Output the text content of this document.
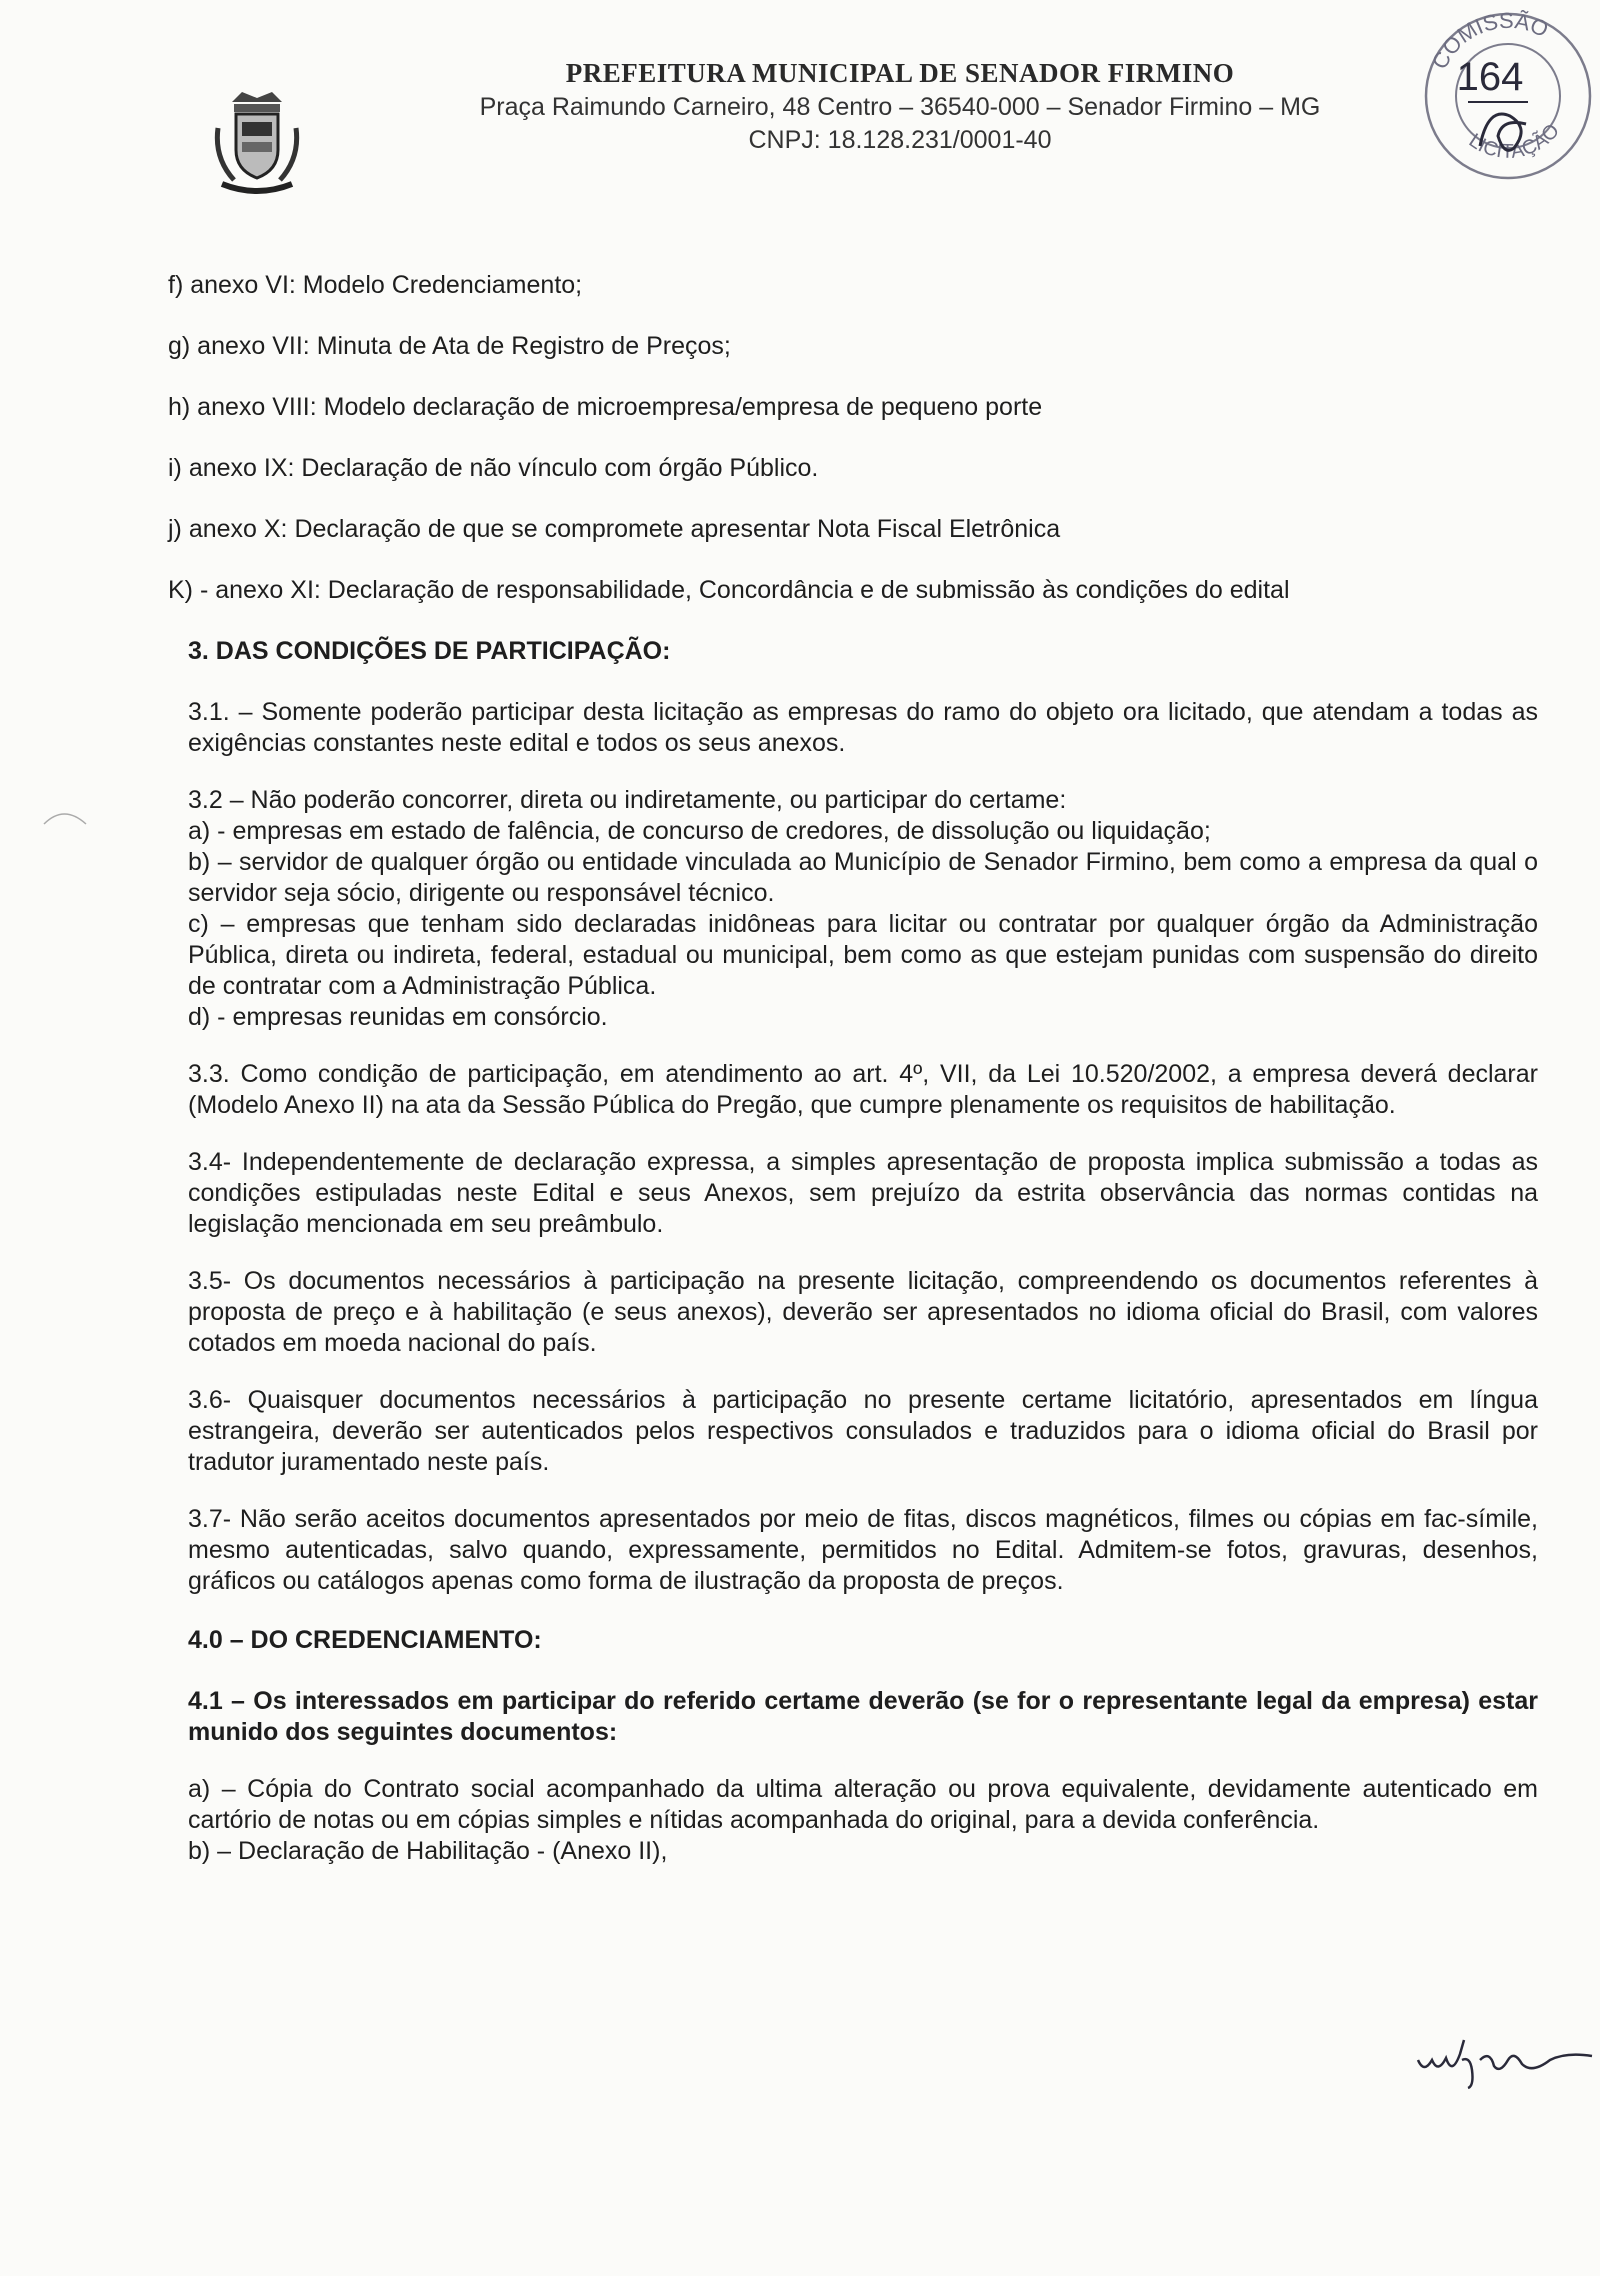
PREFEITURA MUNICIPAL DE SENADOR FIRMINO
Praça Raimundo Carneiro, 48 Centro – 36540-000 – Senador Firmino – MG
CNPJ: 18.128.231/0001-40
COMISSÃO
LICITAÇÃO
164
f) anexo VI: Modelo Credenciamento;
g) anexo VII: Minuta de Ata de Registro de Preços;
h) anexo VIII: Modelo declaração de microempresa/empresa de pequeno porte
i) anexo IX: Declaração de não vínculo com órgão Público.
j) anexo X: Declaração de que se compromete apresentar Nota Fiscal Eletrônica
K) - anexo XI: Declaração de responsabilidade, Concordância e de submissão às condições do edital
3. DAS CONDIÇÕES DE PARTICIPAÇÃO:
3.1. – Somente poderão participar desta licitação as empresas do ramo do objeto ora licitado, que atendam a todas as exigências constantes neste edital e todos os seus anexos.
3.2 – Não poderão concorrer, direta ou indiretamente, ou participar do certame:
a) - empresas em estado de falência, de concurso de credores, de dissolução ou liquidação;
b) – servidor de qualquer órgão ou entidade vinculada ao Município de Senador Firmino, bem como a empresa da qual o servidor seja sócio, dirigente ou responsável técnico.
c) – empresas que tenham sido declaradas inidôneas para licitar ou contratar por qualquer órgão da Administração Pública, direta ou indireta, federal, estadual ou municipal, bem como as que estejam punidas com suspensão do direito de contratar com a Administração Pública.
d) - empresas reunidas em consórcio.
3.3. Como condição de participação, em atendimento ao art. 4º, VII, da Lei 10.520/2002, a empresa deverá declarar (Modelo Anexo II) na ata da Sessão Pública do Pregão, que cumpre plenamente os requisitos de habilitação.
3.4- Independentemente de declaração expressa, a simples apresentação de proposta implica submissão a todas as condições estipuladas neste Edital e seus Anexos, sem prejuízo da estrita observância das normas contidas na legislação mencionada em seu preâmbulo.
3.5- Os documentos necessários à participação na presente licitação, compreendendo os documentos referentes à proposta de preço e à habilitação (e seus anexos), deverão ser apresentados no idioma oficial do Brasil, com valores cotados em moeda nacional do país.
3.6- Quaisquer documentos necessários à participação no presente certame licitatório, apresentados em língua estrangeira, deverão ser autenticados pelos respectivos consulados e traduzidos para o idioma oficial do Brasil por tradutor juramentado neste país.
3.7- Não serão aceitos documentos apresentados por meio de fitas, discos magnéticos, filmes ou cópias em fac-símile, mesmo autenticadas, salvo quando, expressamente, permitidos no Edital. Admitem-se fotos, gravuras, desenhos, gráficos ou catálogos apenas como forma de ilustração da proposta de preços.
4.0 – DO CREDENCIAMENTO:
4.1 – Os interessados em participar do referido certame deverão (se for o representante legal da empresa) estar munido dos seguintes documentos:
a) – Cópia do Contrato social acompanhado da ultima alteração ou prova equivalente, devidamente autenticado em cartório de notas ou em cópias simples e nítidas acompanhada do original, para a devida conferência.
b) – Declaração de Habilitação - (Anexo II),
